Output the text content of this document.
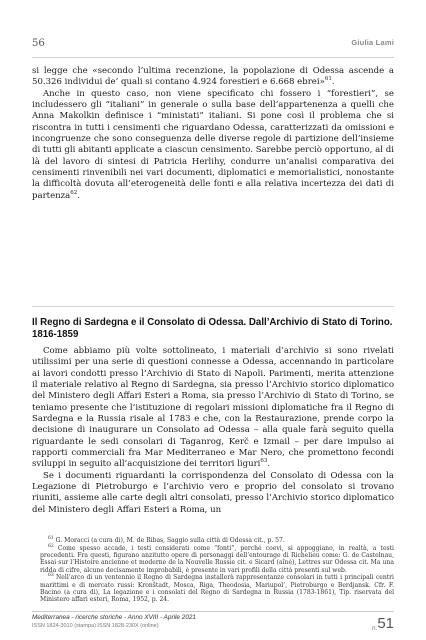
56	Giulia Lami

si legge che «secondo l’ultima recenzione, la popolazione di Odessa ascende a 50.326 individui de’ quali si contano 4.924 forestieri e 6.668 ebrei»$^{61}$.

Anche in questo caso, non viene specificato chi fossero i “forestieri”, se includessero gli “italiani” in generale o sulla base dell’appartenenza a quelli che Anna Makolkin definisce i “ministati” italiani. Si pone così il problema che si riscontra in tutti i censimenti che riguardano Odessa, caratterizzati da omissioni e incongruenze che sono conseguenza delle diverse regole di partizione dell’insieme di tutti gli abitanti applicate a ciascun censimento. Sarebbe perciò opportuno, al di là del lavoro di sintesi di Patricia Herlihy, condurre un’analisi comparativa dei censimenti rinvenibili nei vari documenti, diplomatici e memorialistici, nonostante la difficoltà dovuta all’eterogeneità delle fonti e alla relativa incertezza dei dati di partenza$^{62}$.

Il Regno di Sardegna e il Consolato di Odessa. Dall’Archivio di Stato di Torino. 1816-1859

Come abbiamo più volte sottolineato, i materiali d’archivio si sono rivelati utilissimi per una serie di questioni connesse a Odessa, accennando in particolare ai lavori condotti presso l’Archivio di Stato di Napoli. Parimenti, merita attenzione il materiale relativo al Regno di Sardegna, sia presso l’Archivio storico diplomatico del Ministero degli Affari Esteri a Roma, sia presso l’Archivio di Stato di Torino, se teniamo presente che l’istituzione di regolari missioni diplomatiche fra il Regno di Sardegna e la Russia risale al 1783 e che, con la Restaurazione, prende corpo la decisione di inaugurare un Consolato ad Odessa – alla quale farà seguito quella riguardante le sedi consolari di Taganrog, Kerč e Izmail – per dare impulso ai rapporti commerciali fra Mar Mediterraneo e Mar Nero, che promettono fecondi sviluppi in seguito all’acquisizione dei territori liguri$^{63}$.

Se i documenti riguardanti la corrispondenza del Consolato di Odessa con la Legazione di Pietroburgo e l’archivio vero e proprio del consolato si trovano riuniti, assieme alle carte degli altri consolati, presso l’Archivio storico diplomatico del Ministero degli Affari Esteri a Roma, un

$^{61}$ G. Moracci (a cura di), M. de Ribas, Saggio sulla città di Odessa cit., p. 57.

$^{62}$ Come spesso accade, i testi considerati come “fonti”, perché coevi, si appoggiano, in realtà, a testi precedenti. Fra questi, figurano anzitutto opere di personaggi dell’entourage di Richelieu come: G. de Castelnau, Essai sur l’Histoire ancienne et moderne de la Nouvelle Russie cit. e Sicard (aîné), Lettres sur Odessa cit. Ma una ridda di cifre, alcune decisamente improbabili, è presente in vari profili della città presenti sul web.

$^{63}$ Nell’arco di un ventennio il Regno di Sardegna installerà rappresentanze consolari in tutti i principali centri marittimi e di mercato russi: Kronštadt, Mosca, Riga, Theodosia, Mariupol’, Pietroburgo e Berdjansk. Cfr. F. Bacino (a cura di), La legazione e i consolati del Regno di Sardegna in Russia (1783-1861), Tip. riservata del Ministero affari esteri, Roma, 1952, p. 24.

Mediterranea - ricerche storiche - Anno XVIII - Aprile 2021
ISSN 1824-3010 (stampa) ISSN 1828-230X (online)	n.51
